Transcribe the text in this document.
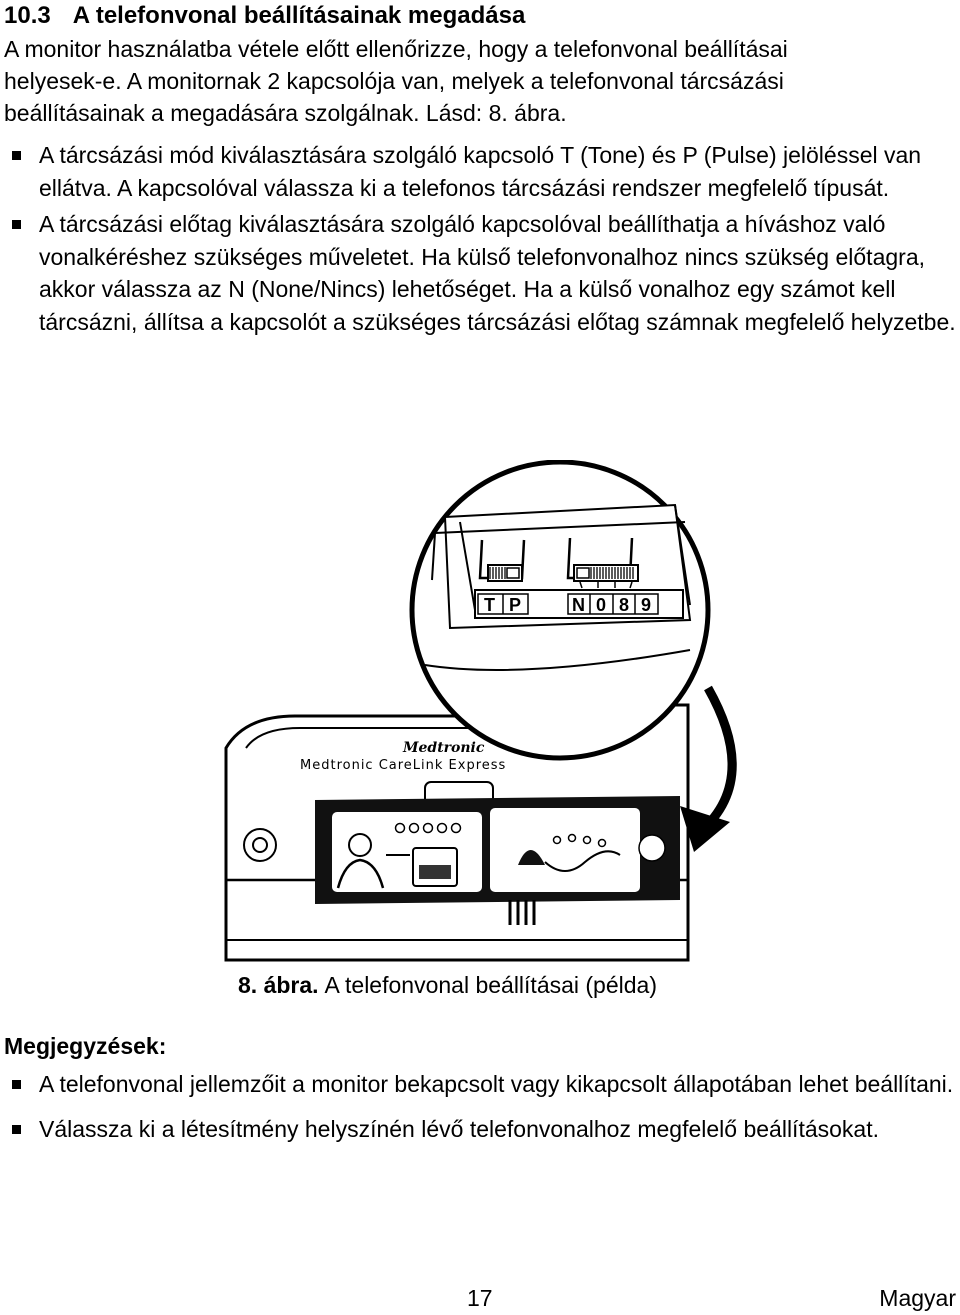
10.3 A telefonvonal beállításainak megadása

A monitor használatba vétele előtt ellenőrizze, hogy a telefonvonal beállításai

helyesek-e. A monitornak 2 kapcsolója van, melyek a telefonvonal tárcsázási

beállításainak a megadására szolgálnak. Lásd: 8. ábra.

A tárcsázási mód kiválasztására szolgáló kapcsoló T (Tone) és P (Pulse) jelöléssel van ellátva. A kapcsolóval válassza ki a telefonos tárcsázási rendszer megfelelő típusát.
A tárcsázási előtag kiválasztására szolgáló kapcsolóval beállíthatja a híváshoz való vonalkéréshez szükséges műveletet. Ha külső telefonvonalhoz nincs szükség előtagra, akkor válassza az N (None/Nincs) lehetőséget. Ha a külső vonalhoz egy számot kell tárcsázni, állítsa a kapcsolót a szükséges tárcsázási előtag számnak megfelelő helyzetbe.
Medtronic
Medtronic CareLink Express
T P	N 0 8 9
8. ábra. A telefonvonal beállításai (példa)
Megjegyzések:
A telefonvonal jellemzőit a monitor bekapcsolt vagy kikapcsolt állapotában lehet beállítani.
Válassza ki a létesítmény helyszínén lévő telefonvonalhoz megfelelő beállításokat.
17	Magyar
